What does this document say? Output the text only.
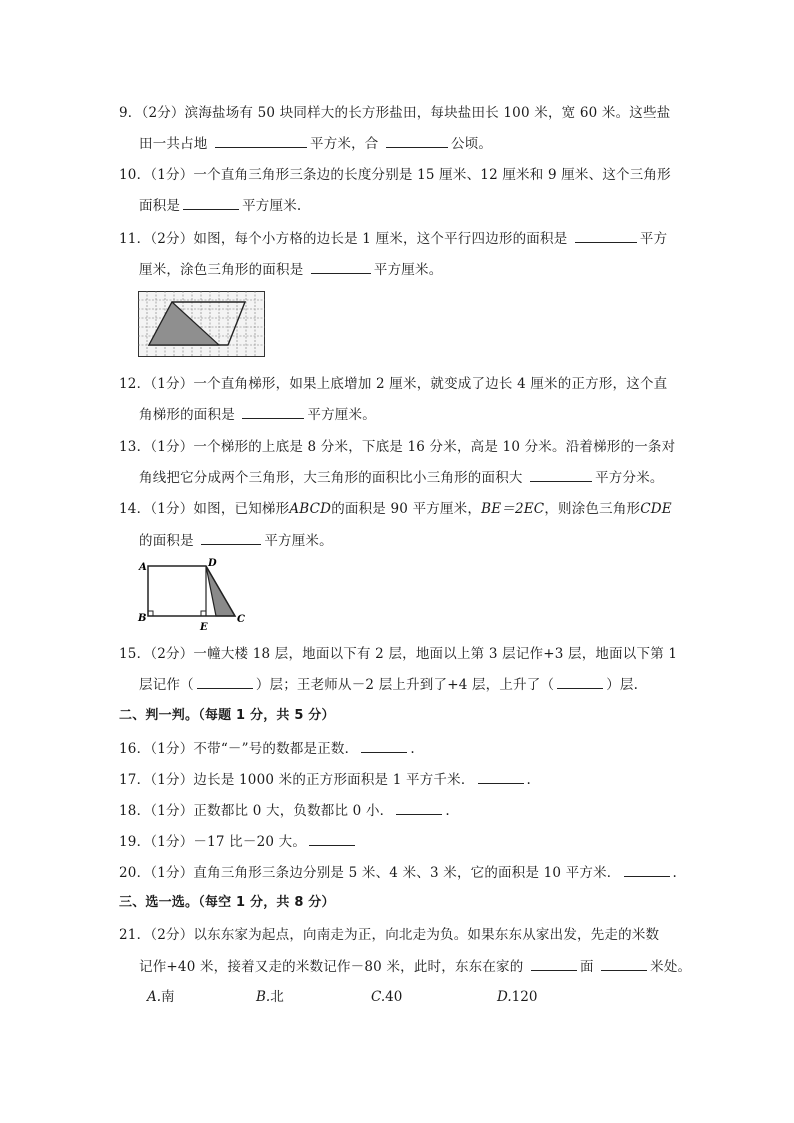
9．（2分）滨海盐场有 50 块同样大的长方形盐田，每块盐田长 100 米，宽 60 米。这些盐
田一共占地	平方米，合	公顷。
10．（1分）一个直角三角形三条边的长度分别是 15 厘米、12 厘米和 9 厘米、这个三角形
面积是	平方厘米.
11．（2分）如图，每个小方格的边长是 1 厘米，这个平行四边形的面积是	平方
厘米，涂色三角形的面积是	平方厘米。
12．（1分）一个直角梯形，如果上底增加 2 厘米，就变成了边长 4 厘米的正方形，这个直
角梯形的面积是	平方厘米。
13．（1分）一个梯形的上底是 8 分米，下底是 16 分米，高是 10 分米。沿着梯形的一条对
角线把它分成两个三角形，大三角形的面积比小三角形的面积大	平方分米。
14．（1分）如图，已知梯形ABCD的面积是 90 平方厘米，BE＝2EC，则涂色三角形CDE
的面积是	平方厘米。
A	D
B
E
C
15．（2分）一幢大楼 18 层，地面以下有 2 层，地面以上第 3 层记作+3 层，地面以下第 1
层记作（	）层；王老师从－2 层上升到了+4 层，上升了（	）层.
二、判一判。（每题 1 分，共 5 分）
16．（1分）不带“－”号的数都是正数．	.
17．（1分）边长是 1000 米的正方形面积是 1 平方千米．	.
18．（1分）正数都比 0 大，负数都比 0 小．	.
19．（1分）－17 比－20 大。
20．（1分）直角三角形三条边分别是 5 米、4 米、3 米，它的面积是 10 平方米．	.
三、选一选。（每空 1 分，共 8 分）
21．（2分）以东东家为起点，向南走为正，向北走为负。如果东东从家出发，先走的米数
记作+40 米，接着又走的米数记作－80 米，此时，东东在家的	面	米处。
A.南	B.北	C.40	D.120
